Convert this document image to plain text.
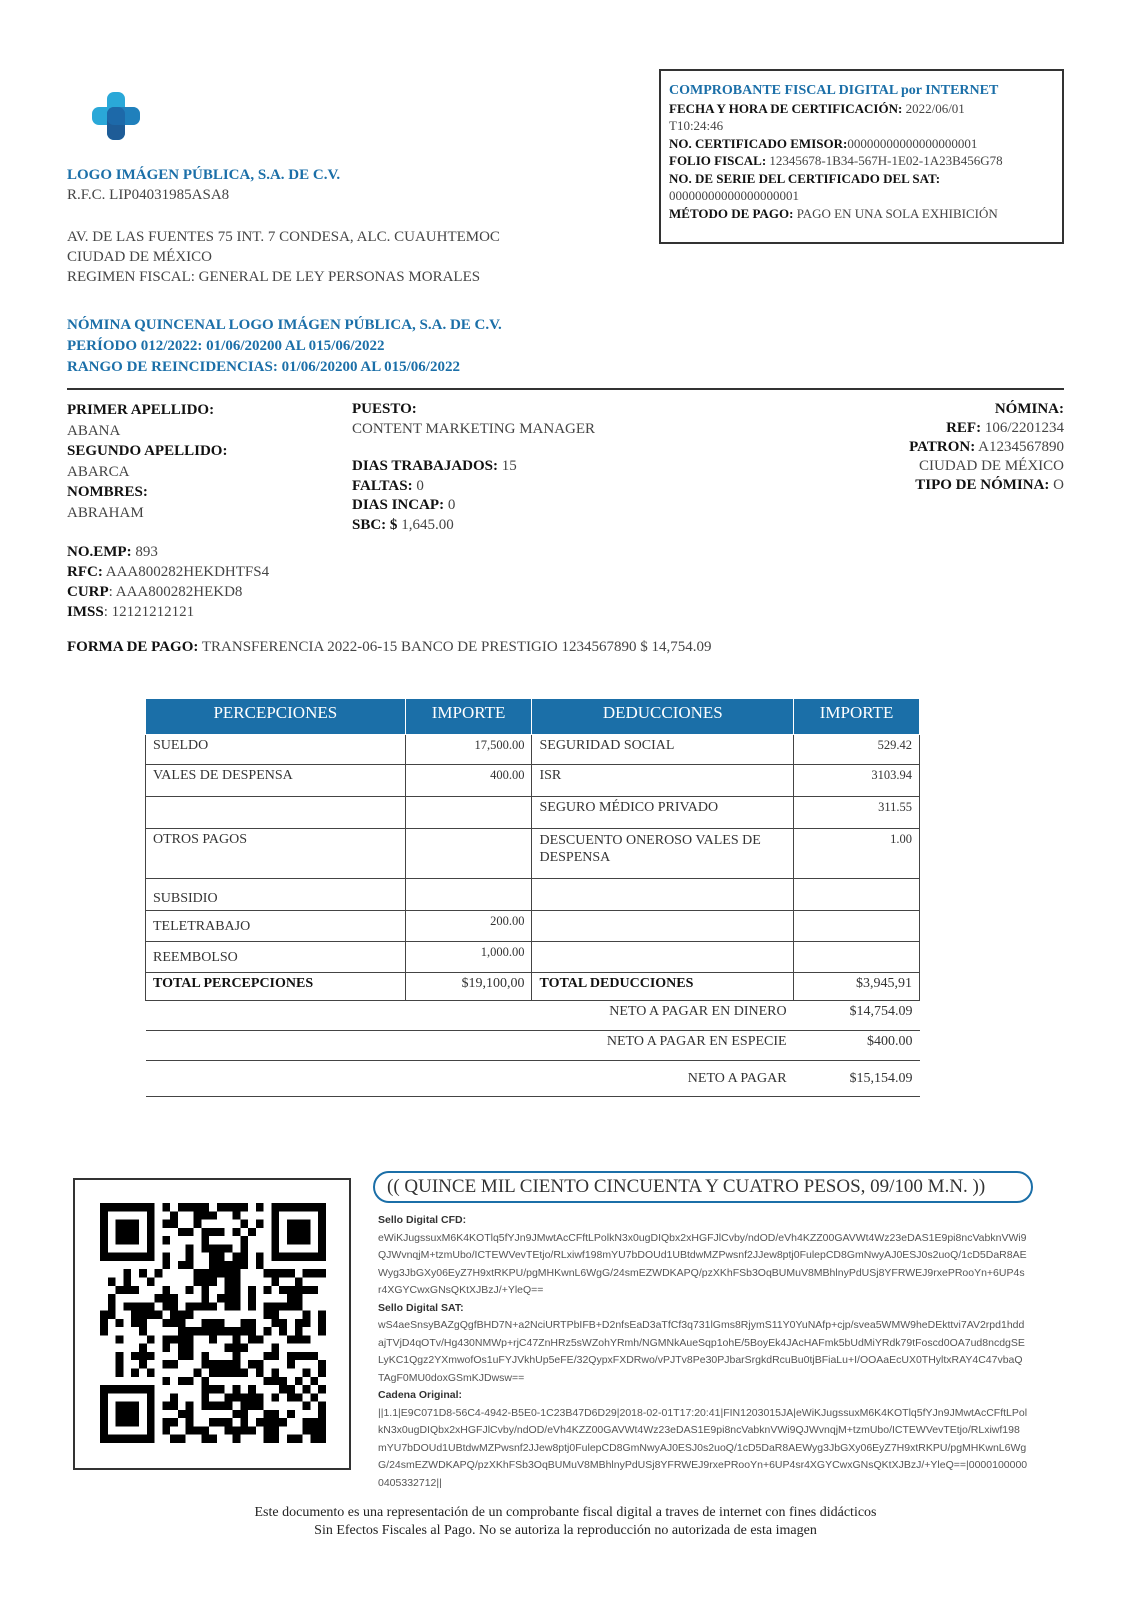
LOGO IMÁGEN PÚBLICA, S.A. DE C.V.
R.F.C. LIP04031985ASA8
AV. DE LAS FUENTES 75 INT. 7 CONDESA, ALC. CUAUHTEMOC
CIUDAD DE MÉXICO
REGIMEN FISCAL: GENERAL DE LEY PERSONAS MORALES
COMPROBANTE FISCAL DIGITAL por INTERNET
FECHA Y HORA DE CERTIFICACIÓN: 2022/06/01
T10:24:46
NO. CERTIFICADO EMISOR:00000000000000000001
FOLIO FISCAL: 12345678-1B34-567H-1E02-1A23B456G78
NO. DE SERIE DEL CERTIFICADO DEL SAT:
00000000000000000001
MÉTODO DE PAGO: PAGO EN UNA SOLA EXHIBICIÓN
NÓMINA QUINCENAL LOGO IMÁGEN PÚBLICA, S.A. DE C.V.
PERÍODO 012/2022: 01/06/20200 AL 015/06/2022
RANGO DE REINCIDENCIAS: 01/06/20200 AL 015/06/2022
PRIMER APELLIDO:
ABANA
SEGUNDO APELLIDO:
ABARCA
NOMBRES:
ABRAHAM
NO.EMP: 893
RFC: AAA800282HEKDHTFS4
CURP: AAA800282HEKD8
IMSS: 12121212121
PUESTO:
CONTENT MARKETING MANAGER
DIAS TRABAJADOS: 15
FALTAS: 0
DIAS INCAP: 0
SBC: $ 1,645.00
NÓMINA:
REF: 106/2201234
PATRON: A1234567890
CIUDAD DE MÉXICO
TIPO DE NÓMINA: O
FORMA DE PAGO: TRANSFERENCIA 2022-06-15 BANCO DE PRESTIGIO 1234567890 $ 14,754.09
PERCEPCIONES	IMPORTE	DEDUCCIONES	IMPORTE
SUELDO	17,500.00	SEGURIDAD SOCIAL	529.42
VALES DE DESPENSA	400.00	ISR	3103.94
		SEGURO MÉDICO PRIVADO	311.55
OTROS PAGOS		DESCUENTO ONEROSO VALES DE DESPENSA	1.00
SUBSIDIO			
TELETRABAJO	200.00		
REEMBOLSO	1,000.00		
TOTAL PERCEPCIONES	$19,100,00	TOTAL DEDUCCIONES	$3,945,91
NETO A PAGAR EN DINERO			$14,754.09
NETO A PAGAR EN ESPECIE			$400.00
NETO A PAGAR			$15,154.09
(( QUINCE MIL CIENTO CINCUENTA Y CUATRO PESOS, 09/100 M.N. ))
Sello Digital CFD:
eWiKJugssuxM6K4KOTlq5fYJn9JMwtAcCFftLPolkN3x0ugDIQbx2xHGFJlCvby/ndOD/eVh4KZZ00GAVWt4Wz23eDAS1E9pi8ncVabknVWi9QJWvnqjM+tzmUbo/ICTEWVevTEtjo/RLxiwf198mYU7bDOUd1UBtdwMZPwsnf2JJew8ptj0FulepCD8GmNwyAJ0ESJ0s2uoQ/1cD5DaR8AEWyg3JbGXy06EyZ7H9xtRKPU/pgMHKwnL6WgG/24smEZWDKAPQ/pzXKhFSb3OqBUMuV8MBhlnyPdUSj8YFRWEJ9rxePRooYn+6UP4sr4XGYCwxGNsQKtXJBzJ/+YleQ==
Sello Digital SAT:
wS4aeSnsyBAZgQgfBHD7N+a2NciURTPbIFB+D2nfsEaD3aTfCf3q731lGms8RjymS11Y0YuNAfp+cjp/svea5WMW9heDEkttvi7AV2rpd1hddajTVjD4qOTv/Hg430NMWp+rjC47ZnHRz5sWZohYRmh/NGMNkAueSqp1ohE/5BoyEk4JAcHAFmk5bUdMiYRdk79tFoscd0OA7ud8ncdgSELyKC1Qgz2YXmwofOs1uFYJVkhUp5eFE/32QypxFXDRwo/vPJTv8Pe30PJbarSrgkdRcuBu0tjBFiaLu+I/OOAaEcUX0THyltxRAY4C47vbaQTAgF0MU0doxGSmKJDwsw==
Cadena Original:
||1.1|E9C071D8-56C4-4942-B5E0-1C23B47D6D29|2018-02-01T17:20:41|FIN1203015JA|eWiKJugssuxM6K4KOTlq5fYJn9JMwtAcCFftLPolkN3x0ugDIQbx2xHGFJlCvby/ndOD/eVh4KZZ00GAVWt4Wz23eDAS1E9pi8ncVabknVWi9QJWvnqjM+tzmUbo/ICTEWVevTEtjo/RLxiwf198mYU7bDOUd1UBtdwMZPwsnf2JJew8ptj0FulepCD8GmNwyAJ0ESJ0s2uoQ/1cD5DaR8AEWyg3JbGXy06EyZ7H9xtRKPU/pgMHKwnL6WgG/24smEZWDKAPQ/pzXKhFSb3OqBUMuV8MBhlnyPdUSj8YFRWEJ9rxePRooYn+6UP4sr4XGYCwxGNsQKtXJBzJ/+YleQ==|00001000000405332712||
Este documento es una representación de un comprobante fiscal digital a traves de internet con fines didácticos
Sin Efectos Fiscales al Pago. No se autoriza la reproducción no autorizada de esta imagen
